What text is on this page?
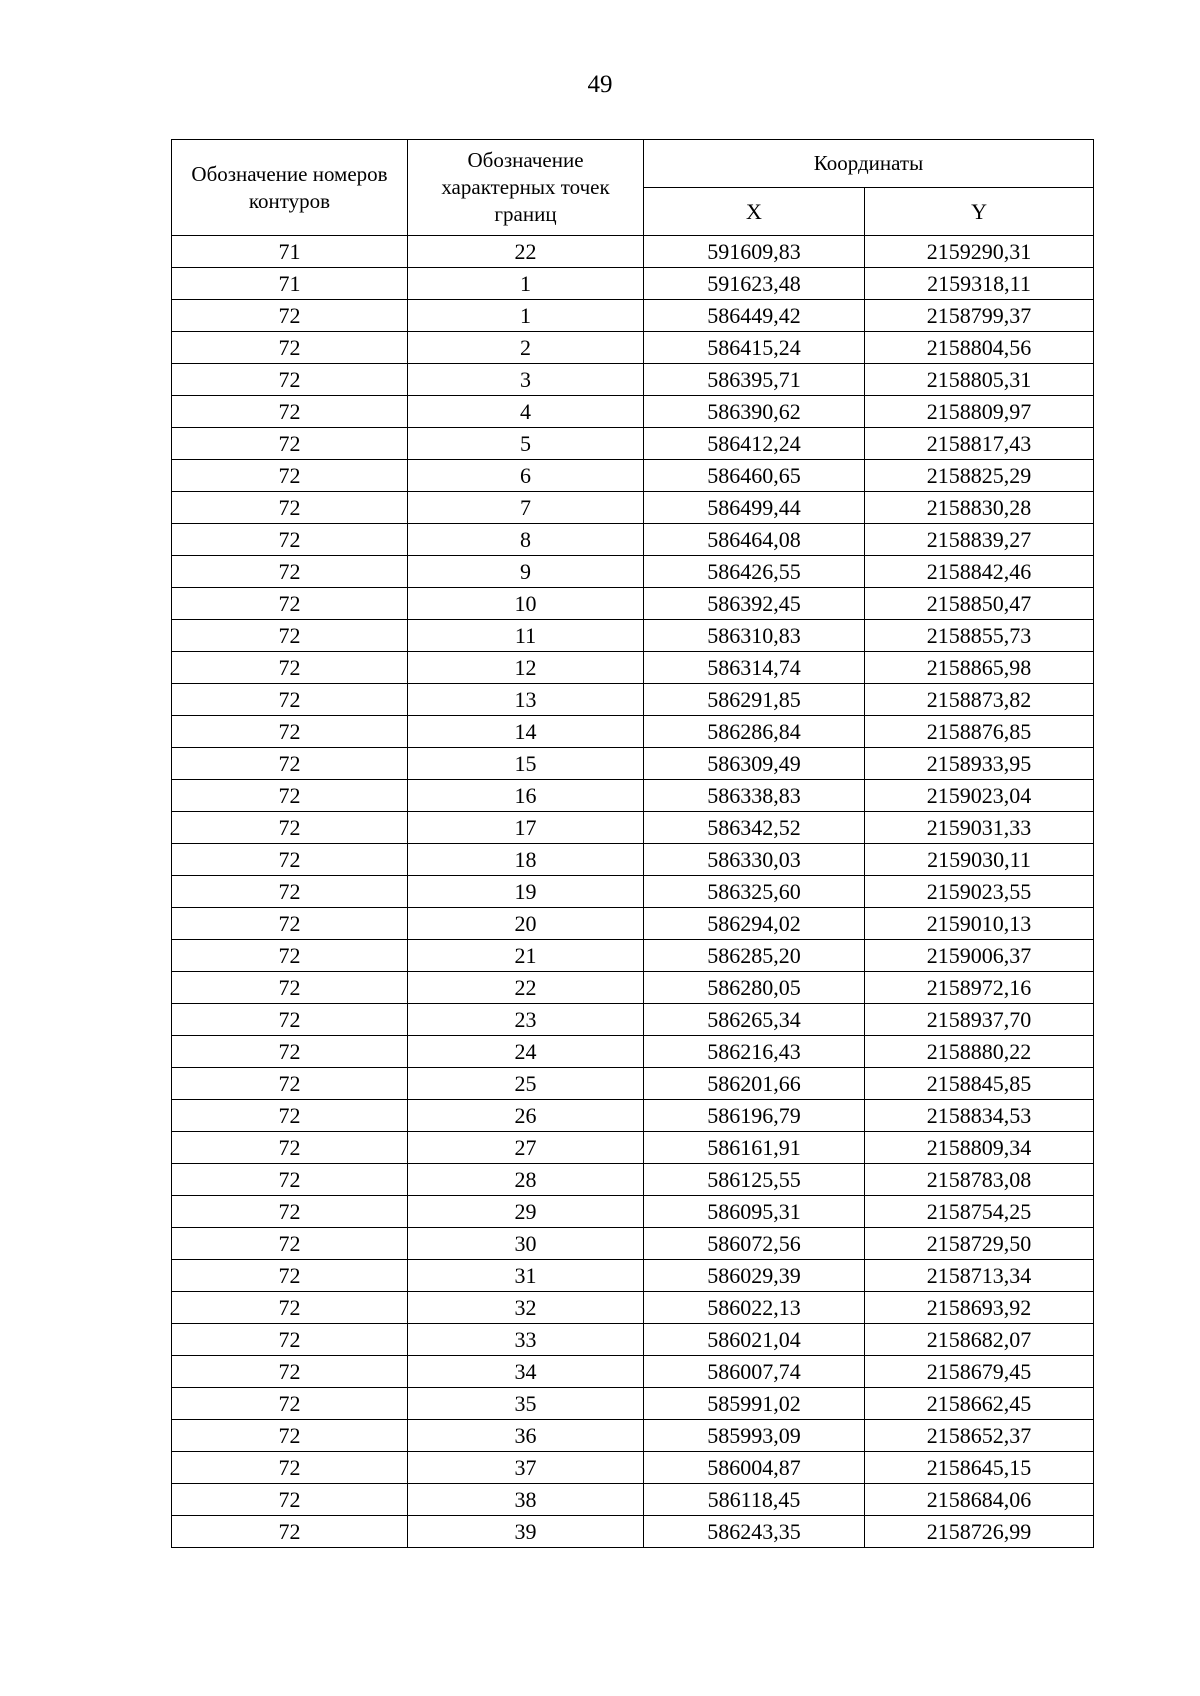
49
Обозначение номеров контуров	Обозначение характерных точек границ	Координаты	
		X	Y
71	22	591609,83	2159290,31
71	1	591623,48	2159318,11
72	1	586449,42	2158799,37
72	2	586415,24	2158804,56
72	3	586395,71	2158805,31
72	4	586390,62	2158809,97
72	5	586412,24	2158817,43
72	6	586460,65	2158825,29
72	7	586499,44	2158830,28
72	8	586464,08	2158839,27
72	9	586426,55	2158842,46
72	10	586392,45	2158850,47
72	11	586310,83	2158855,73
72	12	586314,74	2158865,98
72	13	586291,85	2158873,82
72	14	586286,84	2158876,85
72	15	586309,49	2158933,95
72	16	586338,83	2159023,04
72	17	586342,52	2159031,33
72	18	586330,03	2159030,11
72	19	586325,60	2159023,55
72	20	586294,02	2159010,13
72	21	586285,20	2159006,37
72	22	586280,05	2158972,16
72	23	586265,34	2158937,70
72	24	586216,43	2158880,22
72	25	586201,66	2158845,85
72	26	586196,79	2158834,53
72	27	586161,91	2158809,34
72	28	586125,55	2158783,08
72	29	586095,31	2158754,25
72	30	586072,56	2158729,50
72	31	586029,39	2158713,34
72	32	586022,13	2158693,92
72	33	586021,04	2158682,07
72	34	586007,74	2158679,45
72	35	585991,02	2158662,45
72	36	585993,09	2158652,37
72	37	586004,87	2158645,15
72	38	586118,45	2158684,06
72	39	586243,35	2158726,99
